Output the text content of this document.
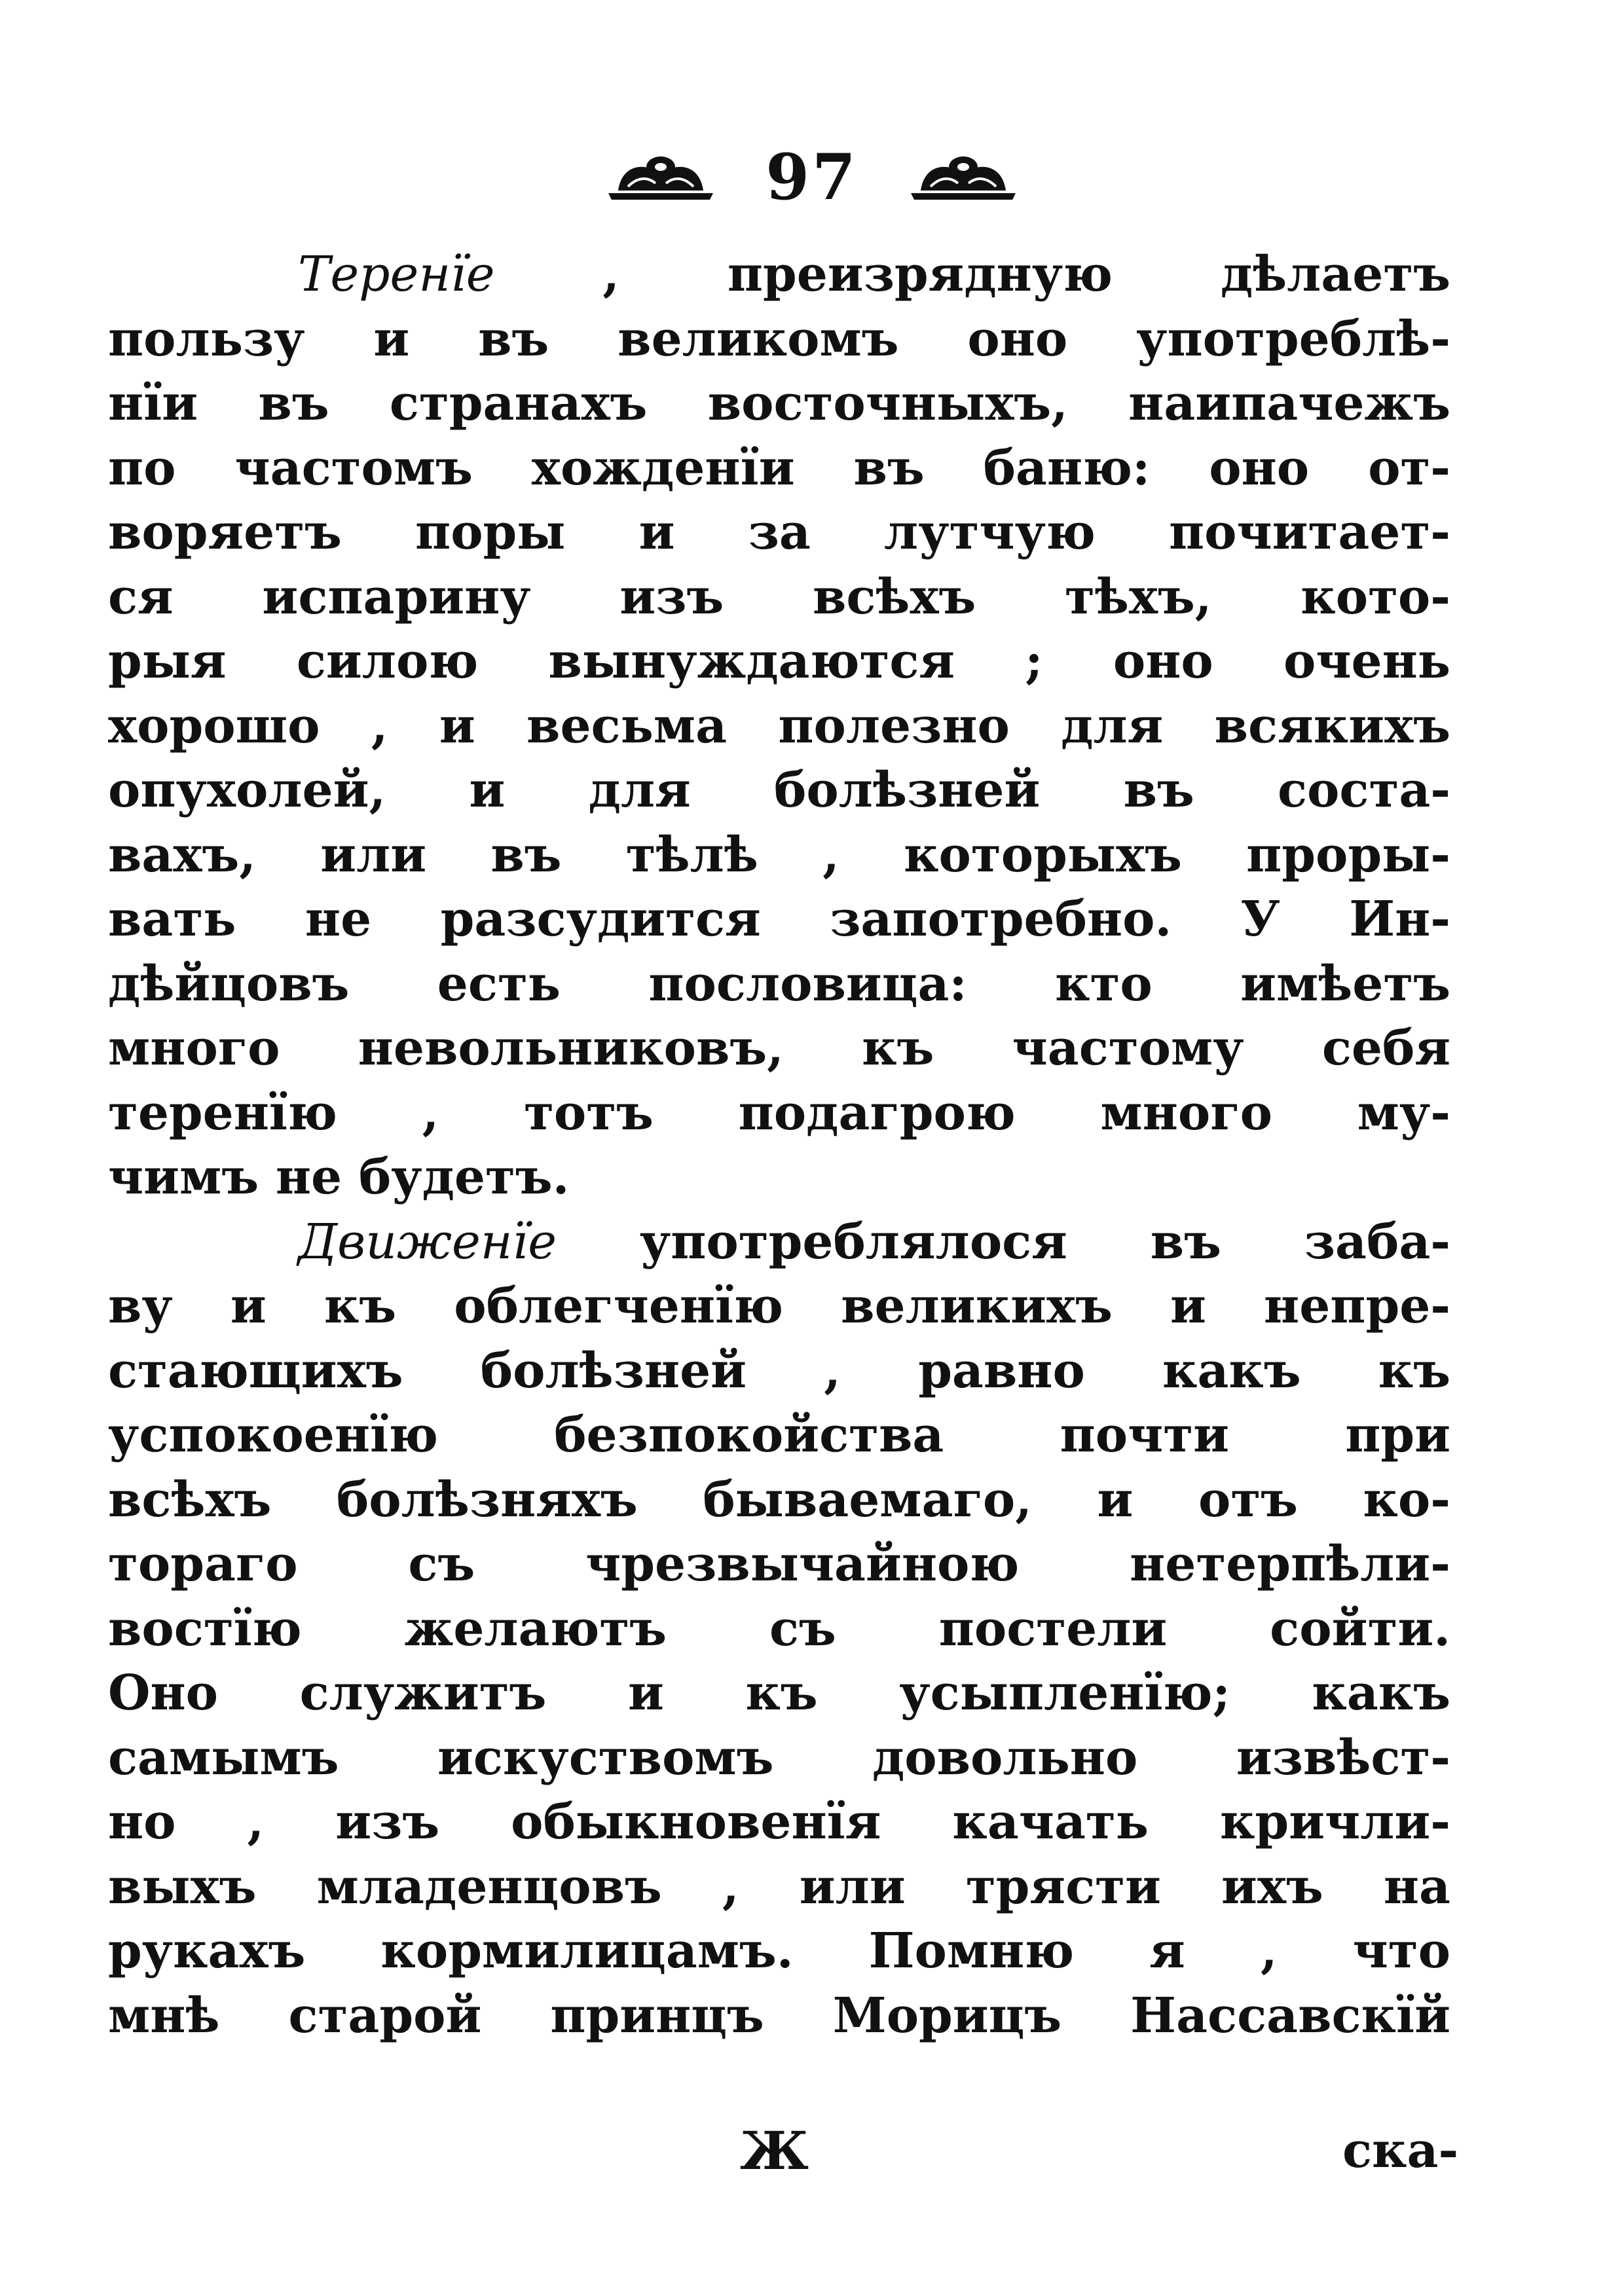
97
Теренїе , преизрядную дѣлаетъ
пользу и въ великомъ оно употреблѣ-
нїи въ странахъ восточныхъ, наипачежъ
по частомъ хожденїи въ баню: оно от-
воряетъ поры и за лутчую почитает-
ся испарину изъ всѣхъ тѣхъ, кото-
рыя силою вынуждаются ; оно очень
хорошо , и весьма полезно для всякихъ
опухолей, и для болѣзней въ соста-
вахъ, или въ тѣлѣ , которыхъ проры-
вать не разсудится запотребно. У Ин-
дѣйцовъ есть пословица: кто имѣетъ
много невольниковъ, къ частому себя
теренїю , тотъ подагрою много му-
чимъ не будетъ.
Движенїе употреблялося въ забa-
ву и къ облегченїю великихъ и непре-
стающихъ болѣзней , равно какъ къ
успокоенїю безпокойства почти при
всѣхъ болѣзняхъ бываемаго, и отъ ко-
тораго съ чрезвычайною нетерпѣли-
востїю желаютъ съ постели сойти.
Оно служитъ и къ усыпленїю; какъ
самымъ искуствомъ довольно извѣст-
но , изъ обыкновенїя качать кричли-
выхъ младенцовъ , или трясти ихъ на
рукахъ кормилицамъ. Помню я , что
мнѣ старой принцъ Морицъ Нассавскїй
Ж	ска-
